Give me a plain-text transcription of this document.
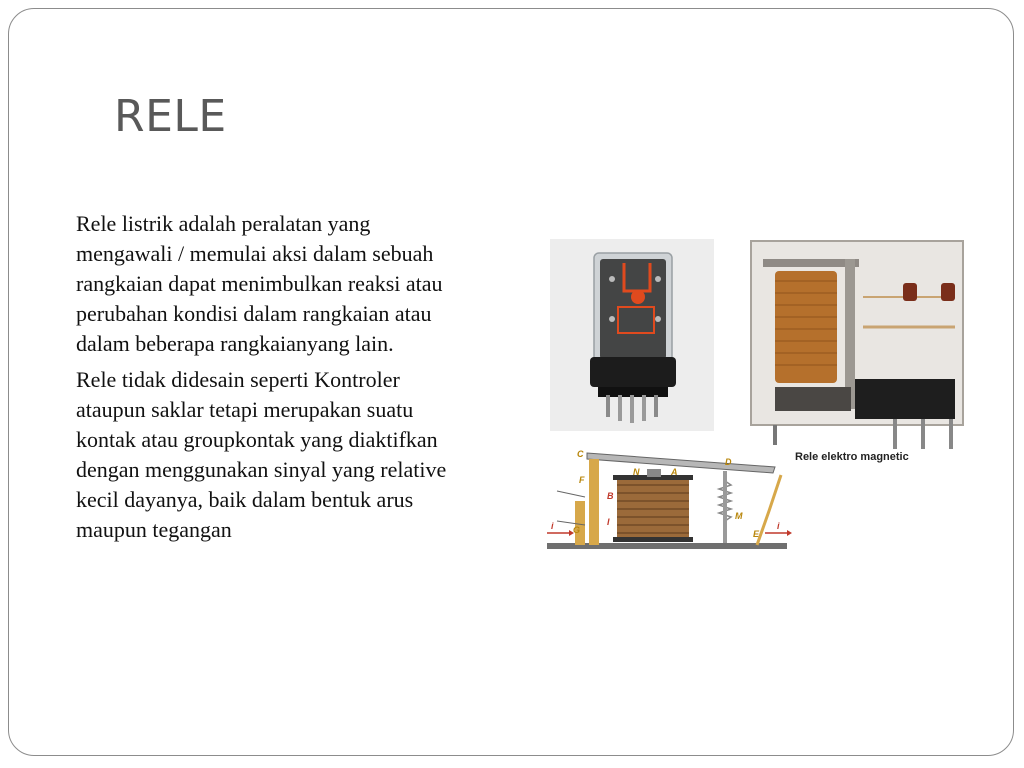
RELE

Rele listrik adalah peralatan yang mengawali / memulai aksi dalam sebuah rangkaian dapat menimbulkan reaksi atau perubahan kondisi dalam rangkaian atau dalam beberapa rangkaianyang lain.

Rele tidak didesain seperti Kontroler ataupun saklar tetapi merupakan suatu kontak atau groupkontak yang diaktifkan dengan menggunakan sinyal yang relative kecil dayanya, baik dalam bentuk arus maupun tegangan

Rele elektro magnetic
C
D
F
N	A
B
I
G
M
E
i	i
